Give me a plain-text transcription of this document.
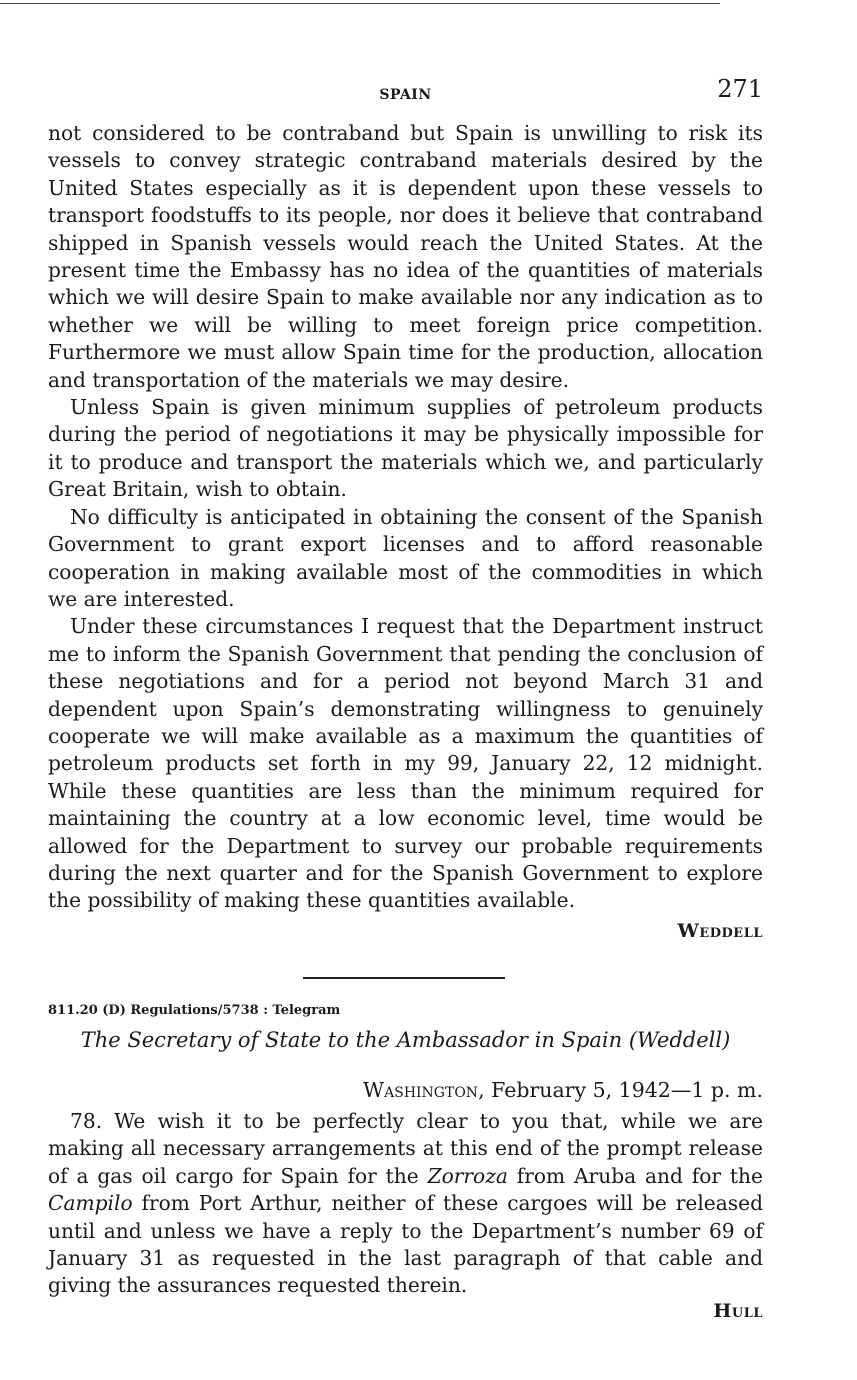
SPAIN	271

not considered to be contraband but Spain is unwilling to risk its vessels to convey strategic contraband materials desired by the United States especially as it is dependent upon these vessels to transport foodstuffs to its people, nor does it believe that contraband shipped in Spanish vessels would reach the United States. At the present time the Embassy has no idea of the quantities of materials which we will desire Spain to make available nor any indication as to whether we will be willing to meet foreign price competition. Furthermore we must allow Spain time for the production, allocation and transportation of the materials we may desire.

Unless Spain is given minimum supplies of petroleum products during the period of negotiations it may be physically impossible for it to produce and transport the materials which we, and particularly Great Britain, wish to obtain.

No difficulty is anticipated in obtaining the consent of the Spanish Government to grant export licenses and to afford reasonable cooperation in making available most of the commodities in which we are interested.

Under these circumstances I request that the Department instruct me to inform the Spanish Government that pending the conclusion of these negotiations and for a period not beyond March 31 and dependent upon Spain’s demonstrating willingness to genuinely cooperate we will make available as a maximum the quantities of petroleum products set forth in my 99, January 22, 12 midnight. While these quantities are less than the minimum required for maintaining the country at a low economic level, time would be allowed for the Department to survey our probable requirements during the next quarter and for the Spanish Government to explore the possibility of making these quantities available.

Weddell
811.20 (D) Regulations/5738 : Telegram
The Secretary of State to the Ambassador in Spain (Weddell)
Washington, February 5, 1942—1 p. m.

78. We wish it to be perfectly clear to you that, while we are making all necessary arrangements at this end of the prompt release of a gas oil cargo for Spain for the Zorroza from Aruba and for the Campilo from Port Arthur, neither of these cargoes will be released until and unless we have a reply to the Department’s number 69 of January 31 as requested in the last paragraph of that cable and giving the assurances requested therein.

Hull
